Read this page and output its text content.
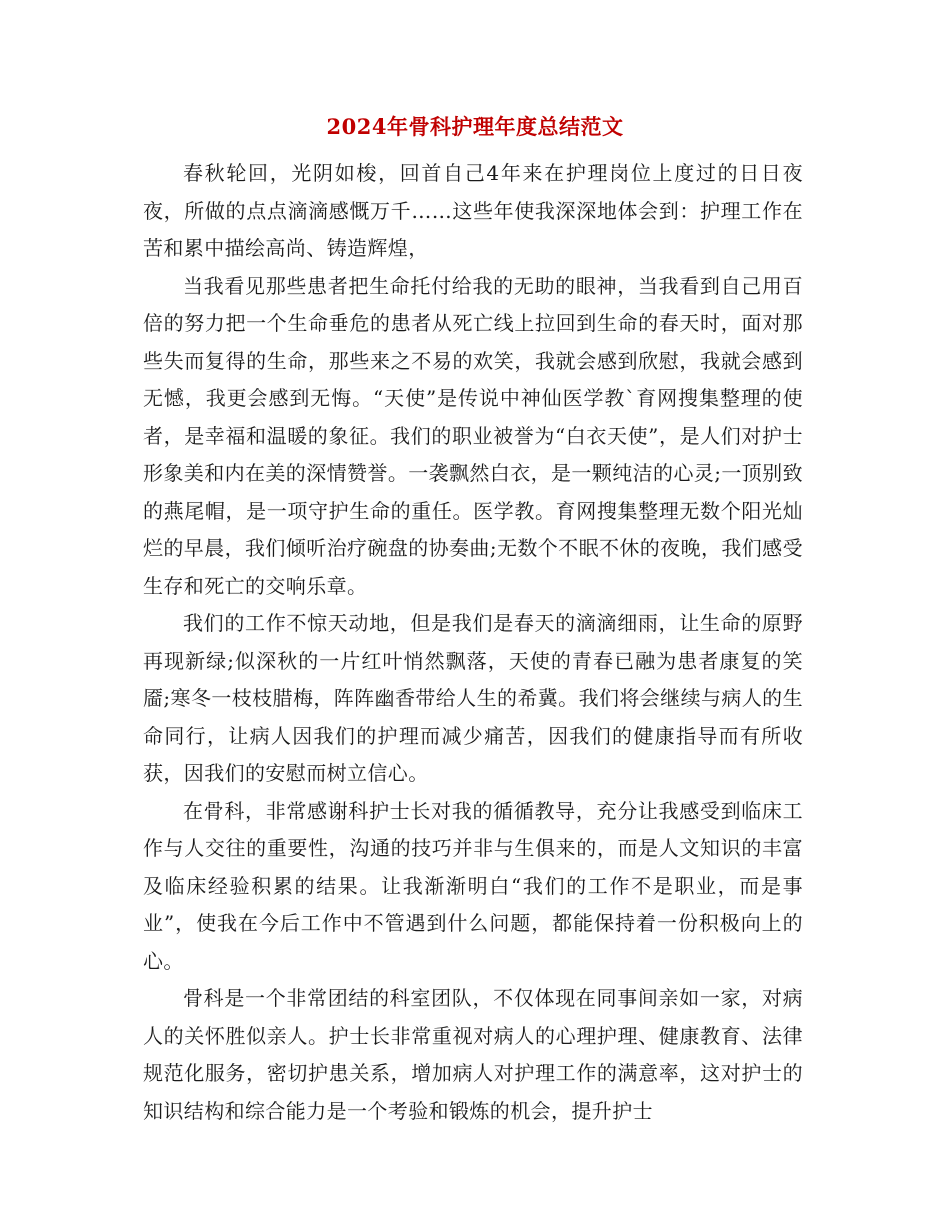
2024年骨科护理年度总结范文

春秋轮回，光阴如梭，回首自己4年来在护理岗位上度过的日日夜夜，所做的点点滴滴感慨万千……这些年使我深深地体会到：护理工作在苦和累中描绘高尚、铸造辉煌，

当我看见那些患者把生命托付给我的无助的眼神，当我看到自己用百倍的努力把一个生命垂危的患者从死亡线上拉回到生命的春天时，面对那些失而复得的生命，那些来之不易的欢笑，我就会感到欣慰，我就会感到无憾，我更会感到无悔。“天使”是传说中神仙医学教`育网搜集整理的使者，是幸福和温暖的象征。我们的职业被誉为“白衣天使”，是人们对护士形象美和内在美的深情赞誉。一袭飘然白衣，是一颗纯洁的心灵;一顶别致的燕尾帽，是一项守护生命的重任。医学教。育网搜集整理无数个阳光灿烂的早晨，我们倾听治疗碗盘的协奏曲;无数个不眠不休的夜晚，我们感受生存和死亡的交响乐章。

我们的工作不惊天动地，但是我们是春天的滴滴细雨，让生命的原野再现新绿;似深秋的一片红叶悄然飘落，天使的青春已融为患者康复的笑靥;寒冬一枝枝腊梅，阵阵幽香带给人生的希冀。我们将会继续与病人的生命同行，让病人因我们的护理而减少痛苦，因我们的健康指导而有所收获，因我们的安慰而树立信心。

在骨科，非常感谢科护士长对我的循循教导，充分让我感受到临床工作与人交往的重要性，沟通的技巧并非与生俱来的，而是人文知识的丰富及临床经验积累的结果。让我渐渐明白“我们的工作不是职业，而是事业”，使我在今后工作中不管遇到什么问题，都能保持着一份积极向上的心。

骨科是一个非常团结的科室团队，不仅体现在同事间亲如一家，对病人的关怀胜似亲人。护士长非常重视对病人的心理护理、健康教育、法律规范化服务，密切护患关系，增加病人对护理工作的满意率，这对护士的知识结构和综合能力是一个考验和锻炼的机会，提升护士
